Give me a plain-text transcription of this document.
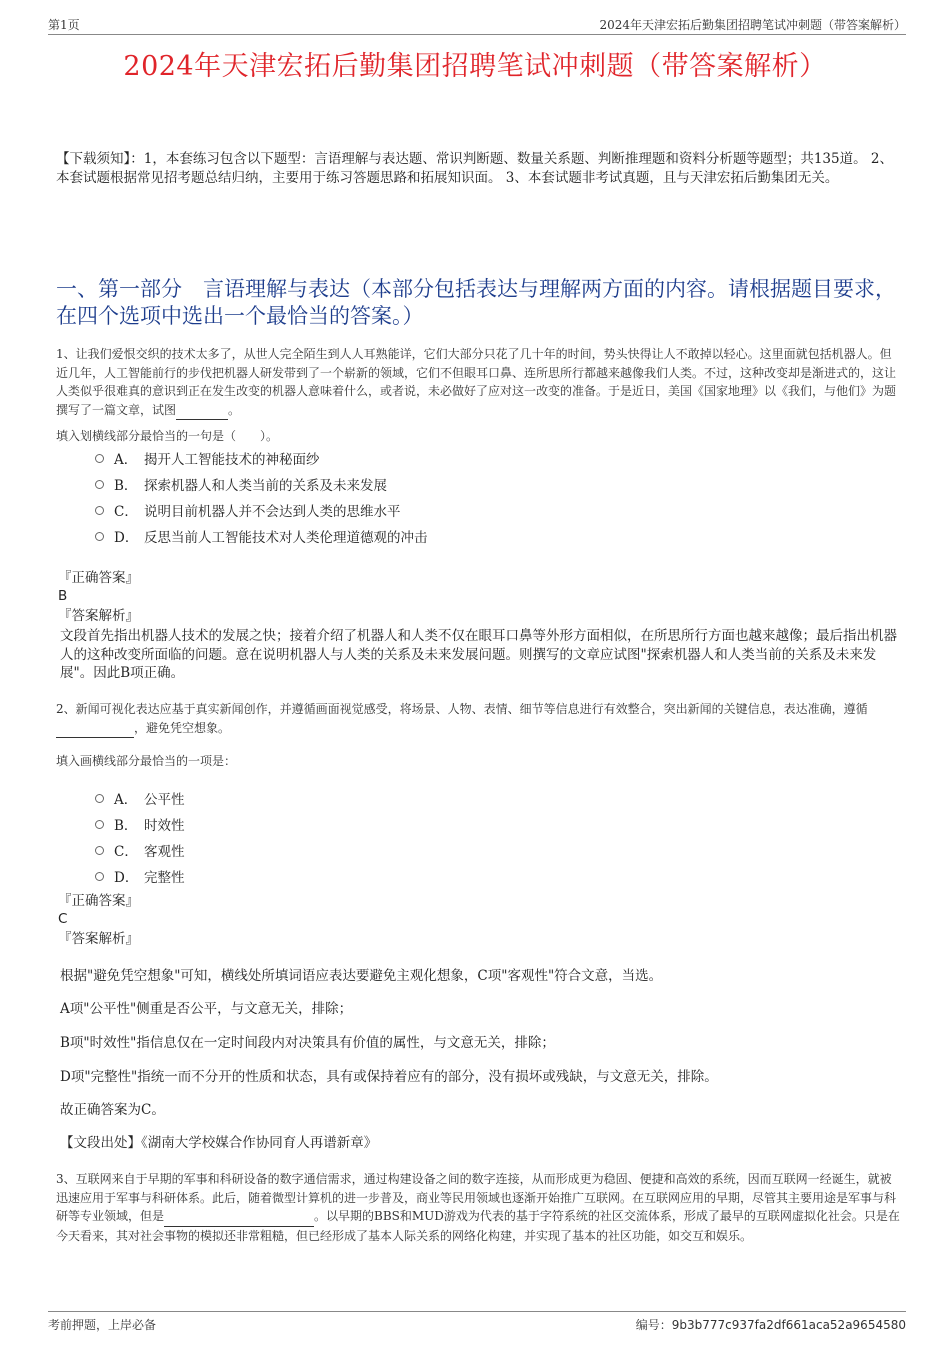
第1页	2024年天津宏拓后勤集团招聘笔试冲刺题（带答案解析）
2024年天津宏拓后勤集团招聘笔试冲刺题（带答案解析）
【下载须知】：1，本套练习包含以下题型：言语理解与表达题、常识判断题、数量关系题、判断推理题和资料分析题等题型；共135道。 2、本套试题根据常见招考题总结归纳，主要用于练习答题思路和拓展知识面。 3、本套试题非考试真题，且与天津宏拓后勤集团无关。
一、第一部分　言语理解与表达（本部分包括表达与理解两方面的内容。请根据题目要求，在四个选项中选出一个最恰当的答案。）
1、让我们爱恨交织的技术太多了，从世人完全陌生到人人耳熟能详，它们大部分只花了几十年的时间，势头快得让人不敢掉以轻心。这里面就包括机器人。但近几年，人工智能前行的步伐把机器人研发带到了一个崭新的领域，它们不但眼耳口鼻、连所思所行都越来越像我们人类。不过，这种改变却是渐进式的，这让人类似乎很难真的意识到正在发生改变的机器人意味着什么，或者说，未必做好了应对这一改变的准备。于是近日，美国《国家地理》以《我们，与他们》为题撰写了一篇文章，试图	。
填入划横线部分最恰当的一句是（　　）。
A． 揭开人工智能技术的神秘面纱
B． 探索机器人和人类当前的关系及未来发展
C． 说明目前机器人并不会达到人类的思维水平
D． 反思当前人工智能技术对人类伦理道德观的冲击
『正确答案』
B
『答案解析』
文段首先指出机器人技术的发展之快；接着介绍了机器人和人类不仅在眼耳口鼻等外形方面相似，在所思所行方面也越来越像；最后指出机器人的这种改变所面临的问题。意在说明机器人与人类的关系及未来发展问题。则撰写的文章应试图"探索机器人和人类当前的关系及未来发展"。因此B项正确。
2、新闻可视化表达应基于真实新闻创作，并遵循画面视觉感受，将场景、人物、表情、细节等信息进行有效整合，突出新闻的关键信息，表达准确，遵循 ，避免凭空想象。
填入画横线部分最恰当的一项是：
A． 公平性
B． 时效性
C． 客观性
D． 完整性
『正确答案』
C
『答案解析』
根据"避免凭空想象"可知，横线处所填词语应表达要避免主观化想象，C项"客观性"符合文意，当选。
A项"公平性"侧重是否公平，与文意无关，排除；
B项"时效性"指信息仅在一定时间段内对决策具有价值的属性，与文意无关，排除；
D项"完整性"指统一而不分开的性质和状态，具有或保持着应有的部分，没有损坏或残缺，与文意无关，排除。
故正确答案为C。
【文段出处】《湖南大学校媒合作协同育人再谱新章》
3、互联网来自于早期的军事和科研设备的数字通信需求，通过构建设备之间的数字连接，从而形成更为稳固、便捷和高效的系统，因而互联网一经诞生，就被迅速应用于军事与科研体系。此后，随着微型计算机的进一步普及，商业等民用领域也逐渐开始推广互联网。在互联网应用的早期，尽管其主要用途是军事与科研等专业领域，但是	。以早期的BBS和MUD游戏为代表的基于字符系统的社区交流体系，形成了最早的互联网虚拟化社会。只是在今天看来，其对社会事物的模拟还非常粗糙，但已经形成了基本人际关系的网络化构建，并实现了基本的社区功能，如交互和娱乐。
考前押题，上岸必备	编号：9b3b777c937fa2df661aca52a9654580
